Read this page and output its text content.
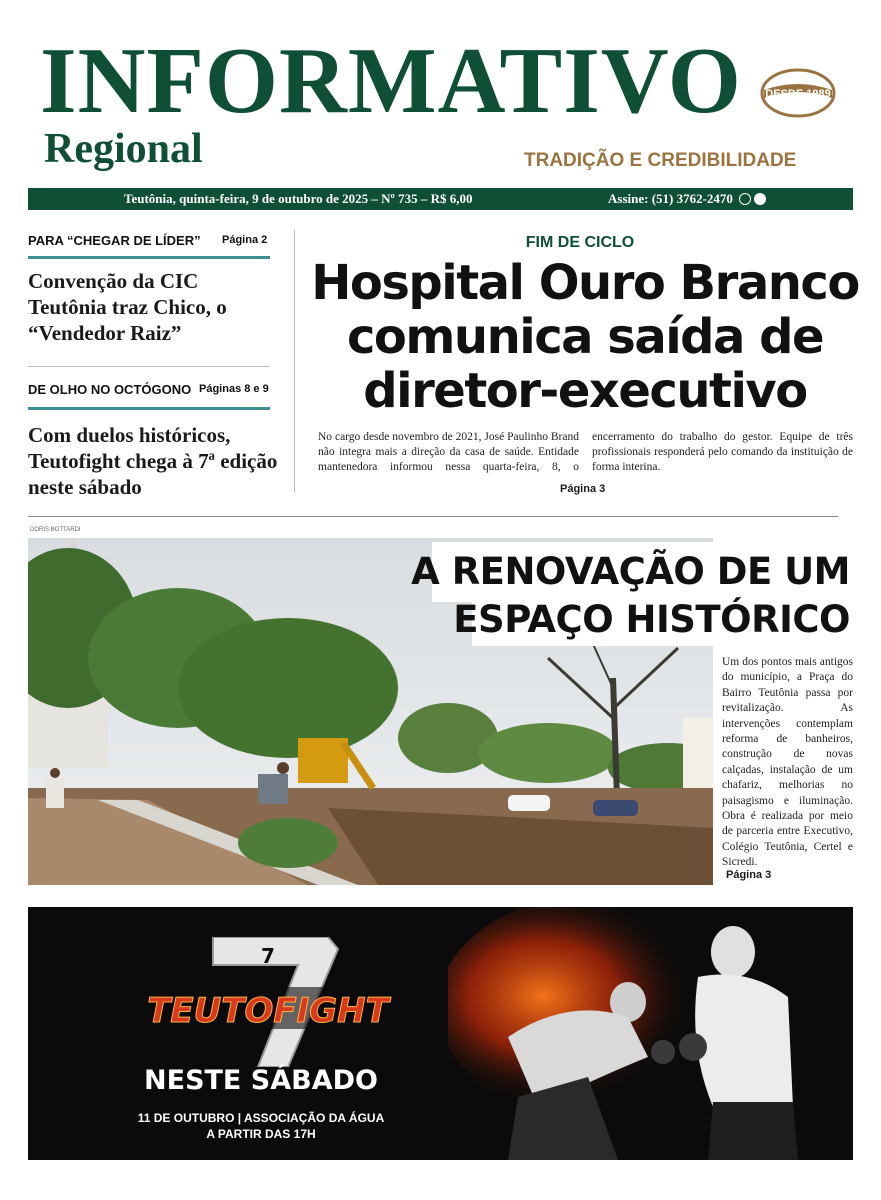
INFORMATIVO
Regional
DESDE 1989
TRADIÇÃO E CREDIBILIDADE
Teutônia, quinta-feira, 9 de outubro de 2025 – Nº 735 – R$ 6,00	Assine: (51) 3762-2470
PARA “CHEGAR DE LÍDER” Página 2
Convenção da CIC Teutônia traz Chico, o “Vendedor Raiz”
DE OLHO NO OCTÓGONO Páginas 8 e 9
Com duelos históricos, Teutofight chega à 7ª edição neste sábado
FIM DE CICLO
Hospital Ouro Branco comunica saída de diretor-executivo
No cargo desde novembro de 2021, José Paulinho Brand não integra mais a direção da casa de saúde. Entidade mantenedora informou nessa quarta-feira, 8, o encerramento do trabalho do gestor. Equipe de três profissionais responderá pelo comando da instituição de forma interina.
Página 3
DORIS BOTTARDI
A RENOVAÇÃO DE UM
ESPAÇO HISTÓRICO
Um dos pontos mais antigos do município, a Praça do Bairro Teutônia passa por revitalização. As intervenções contemplam reforma de banheiros, construção de novas calçadas, instalação de um chafariz, melhorias no paisagismo e iluminação. Obra é realizada por meio de parceria entre Executivo, Colégio Teutônia, Certel e Sicredi.
Página 3
7
TEUTOFIGHT
NESTE SÁBADO
11 DE OUTUBRO | ASSOCIAÇÃO DA ÁGUA
A PARTIR DAS 17H
